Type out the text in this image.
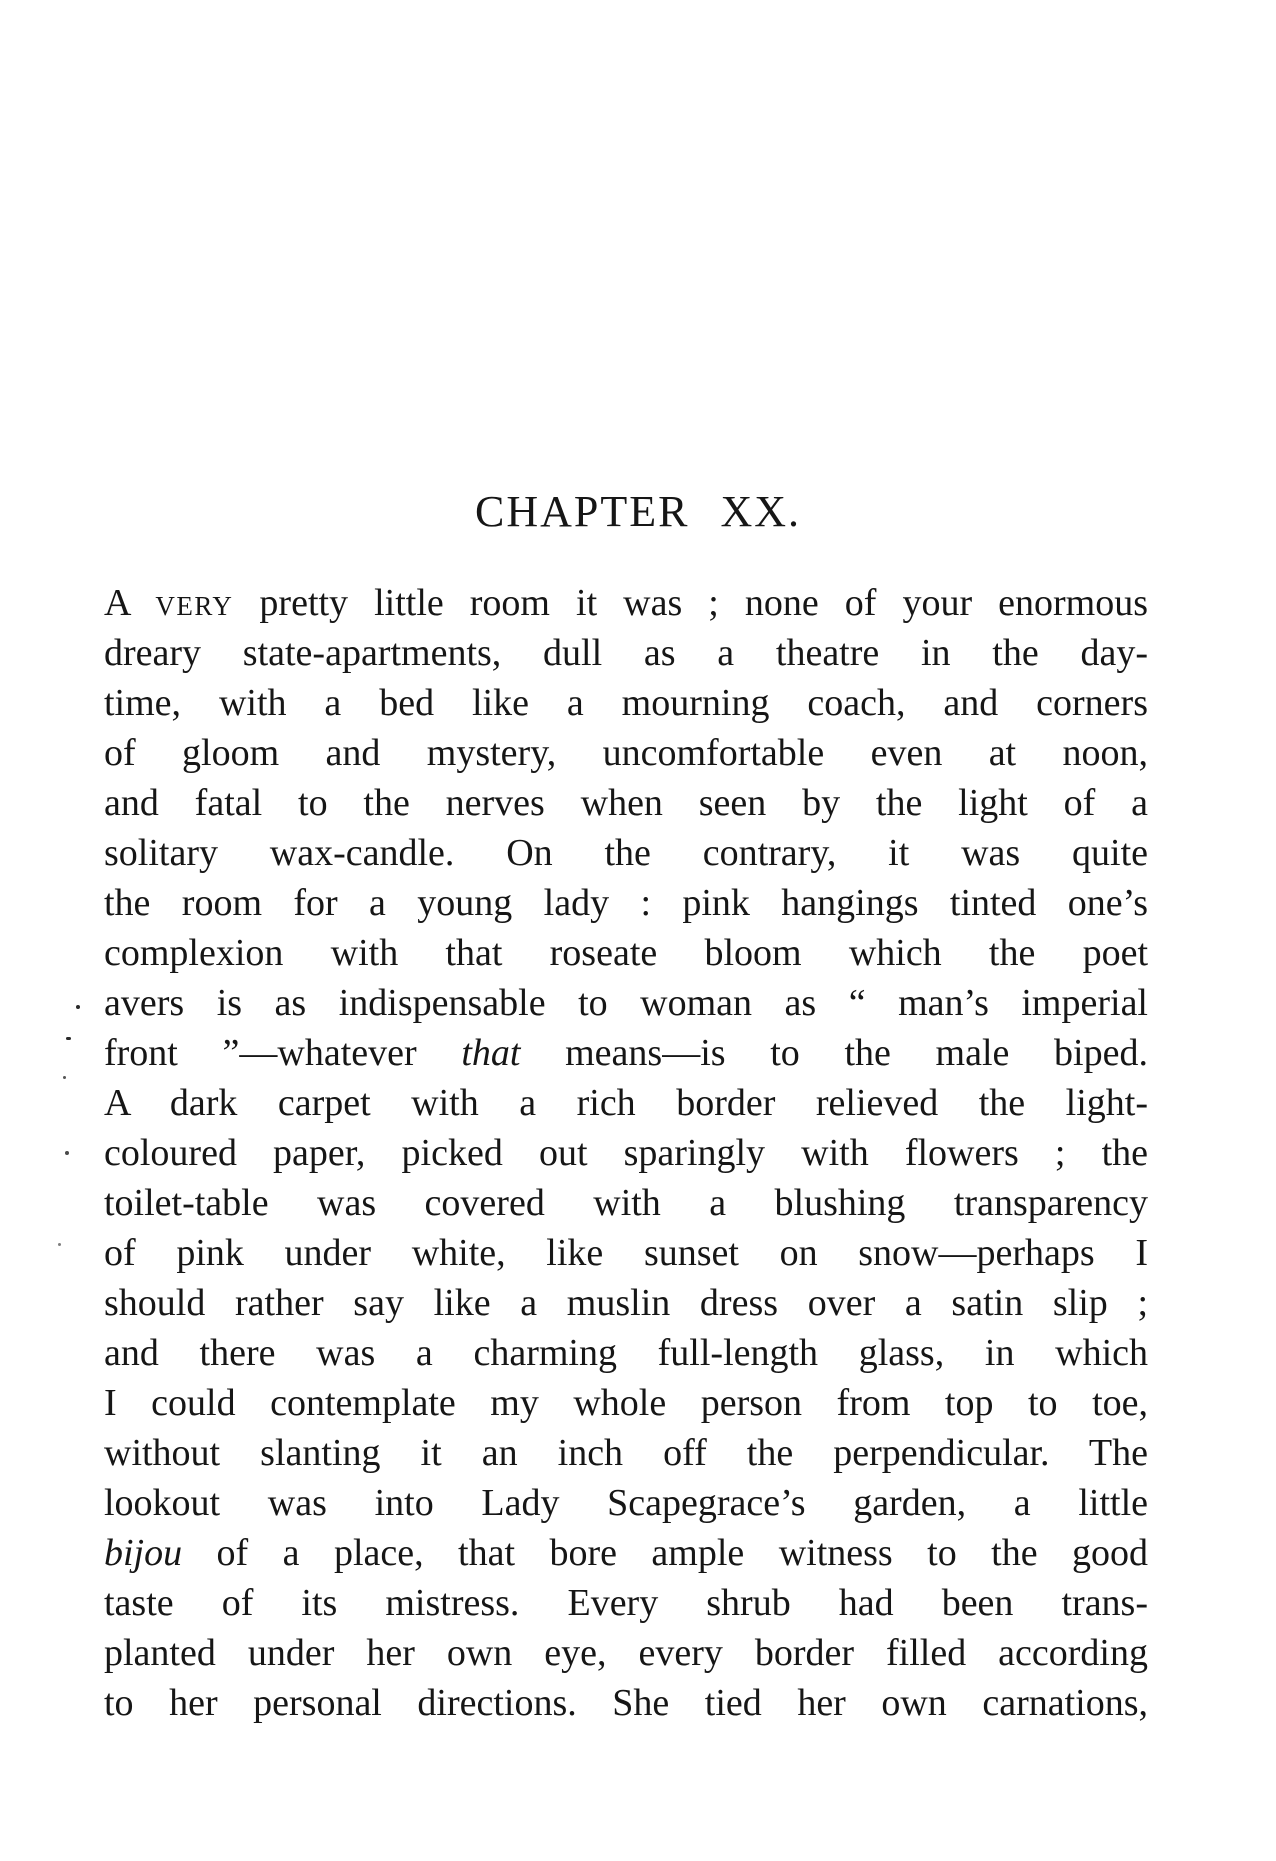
CHAPTER XX.
A very pretty little room it was ; none of your enormous
dreary state-apartments, dull as a theatre in the day-
time, with a bed like a mourning coach, and corners
of gloom and mystery, uncomfortable even at noon,
and fatal to the nerves when seen by the light of a
solitary wax-candle. On the contrary, it was quite
the room for a young lady : pink hangings tinted one’s
complexion with that roseate bloom which the poet
avers is as indispensable to woman as “ man’s imperial
front ”—whatever that means—is to the male biped.
A dark carpet with a rich border relieved the light-
coloured paper, picked out sparingly with flowers ; the
toilet-table was covered with a blushing transparency
of pink under white, like sunset on snow—perhaps I
should rather say like a muslin dress over a satin slip ;
and there was a charming full-length glass, in which
I could contemplate my whole person from top to toe,
without slanting it an inch off the perpendicular. The
lookout was into Lady Scapegrace’s garden, a little
bijou of a place, that bore ample witness to the good
taste of its mistress. Every shrub had been trans-
planted under her own eye, every border filled according
to her personal directions. She tied her own carnations,
